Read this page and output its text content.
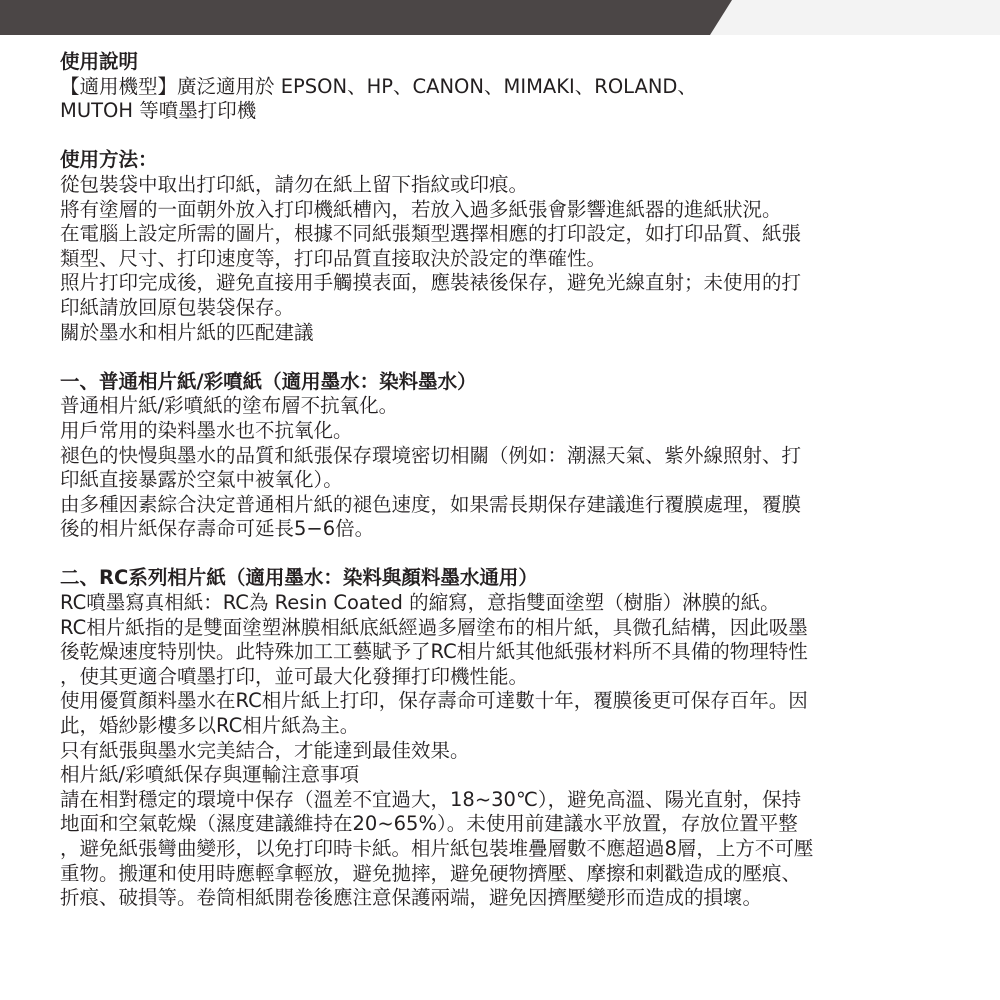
使用說明

【適用機型】廣泛適用於 EPSON、HP、CANON、MIMAKI、ROLAND、

MUTOH 等噴墨打印機

使用方法：

從包裝袋中取出打印紙，請勿在紙上留下指紋或印痕。

將有塗層的一面朝外放入打印機紙槽內，若放入過多紙張會影響進紙器的進紙狀況。

在電腦上設定所需的圖片，根據不同紙張類型選擇相應的打印設定，如打印品質、紙張

類型、尺寸、打印速度等，打印品質直接取決於設定的準確性。

照片打印完成後，避免直接用手觸摸表面，應裝裱後保存，避免光線直射；未使用的打

印紙請放回原包裝袋保存。

關於墨水和相片紙的匹配建議

一、普通相片紙/彩噴紙（適用墨水：染料墨水）

普通相片紙/彩噴紙的塗布層不抗氧化。

用戶常用的染料墨水也不抗氧化。

褪色的快慢與墨水的品質和紙張保存環境密切相關（例如：潮濕天氣、紫外線照射、打

印紙直接暴露於空氣中被氧化）。

由多種因素綜合決定普通相片紙的褪色速度，如果需長期保存建議進行覆膜處理，覆膜

後的相片紙保存壽命可延長5−6倍。

二、RC系列相片紙（適用墨水：染料與顏料墨水通用）

RC噴墨寫真相紙：RC為 Resin Coated 的縮寫，意指雙面塗塑（樹脂）淋膜的紙。

RC相片紙指的是雙面塗塑淋膜相紙底紙經過多層塗布的相片紙，具微孔結構，因此吸墨

後乾燥速度特別快。此特殊加工工藝賦予了RC相片紙其他紙張材料所不具備的物理特性

，使其更適合噴墨打印，並可最大化發揮打印機性能。

使用優質顏料墨水在RC相片紙上打印，保存壽命可達數十年，覆膜後更可保存百年。因

此，婚紗影樓多以RC相片紙為主。

只有紙張與墨水完美結合，才能達到最佳效果。

相片紙/彩噴紙保存與運輸注意事項

請在相對穩定的環境中保存（溫差不宜過大，18~30℃），避免高溫、陽光直射，保持

地面和空氣乾燥（濕度建議維持在20~65%）。未使用前建議水平放置，存放位置平整

，避免紙張彎曲變形，以免打印時卡紙。相片紙包裝堆疊層數不應超過8層，上方不可壓

重物。搬運和使用時應輕拿輕放，避免拋摔，避免硬物擠壓、摩擦和刺戳造成的壓痕、

折痕、破損等。卷筒相紙開卷後應注意保護兩端，避免因擠壓變形而造成的損壞。
